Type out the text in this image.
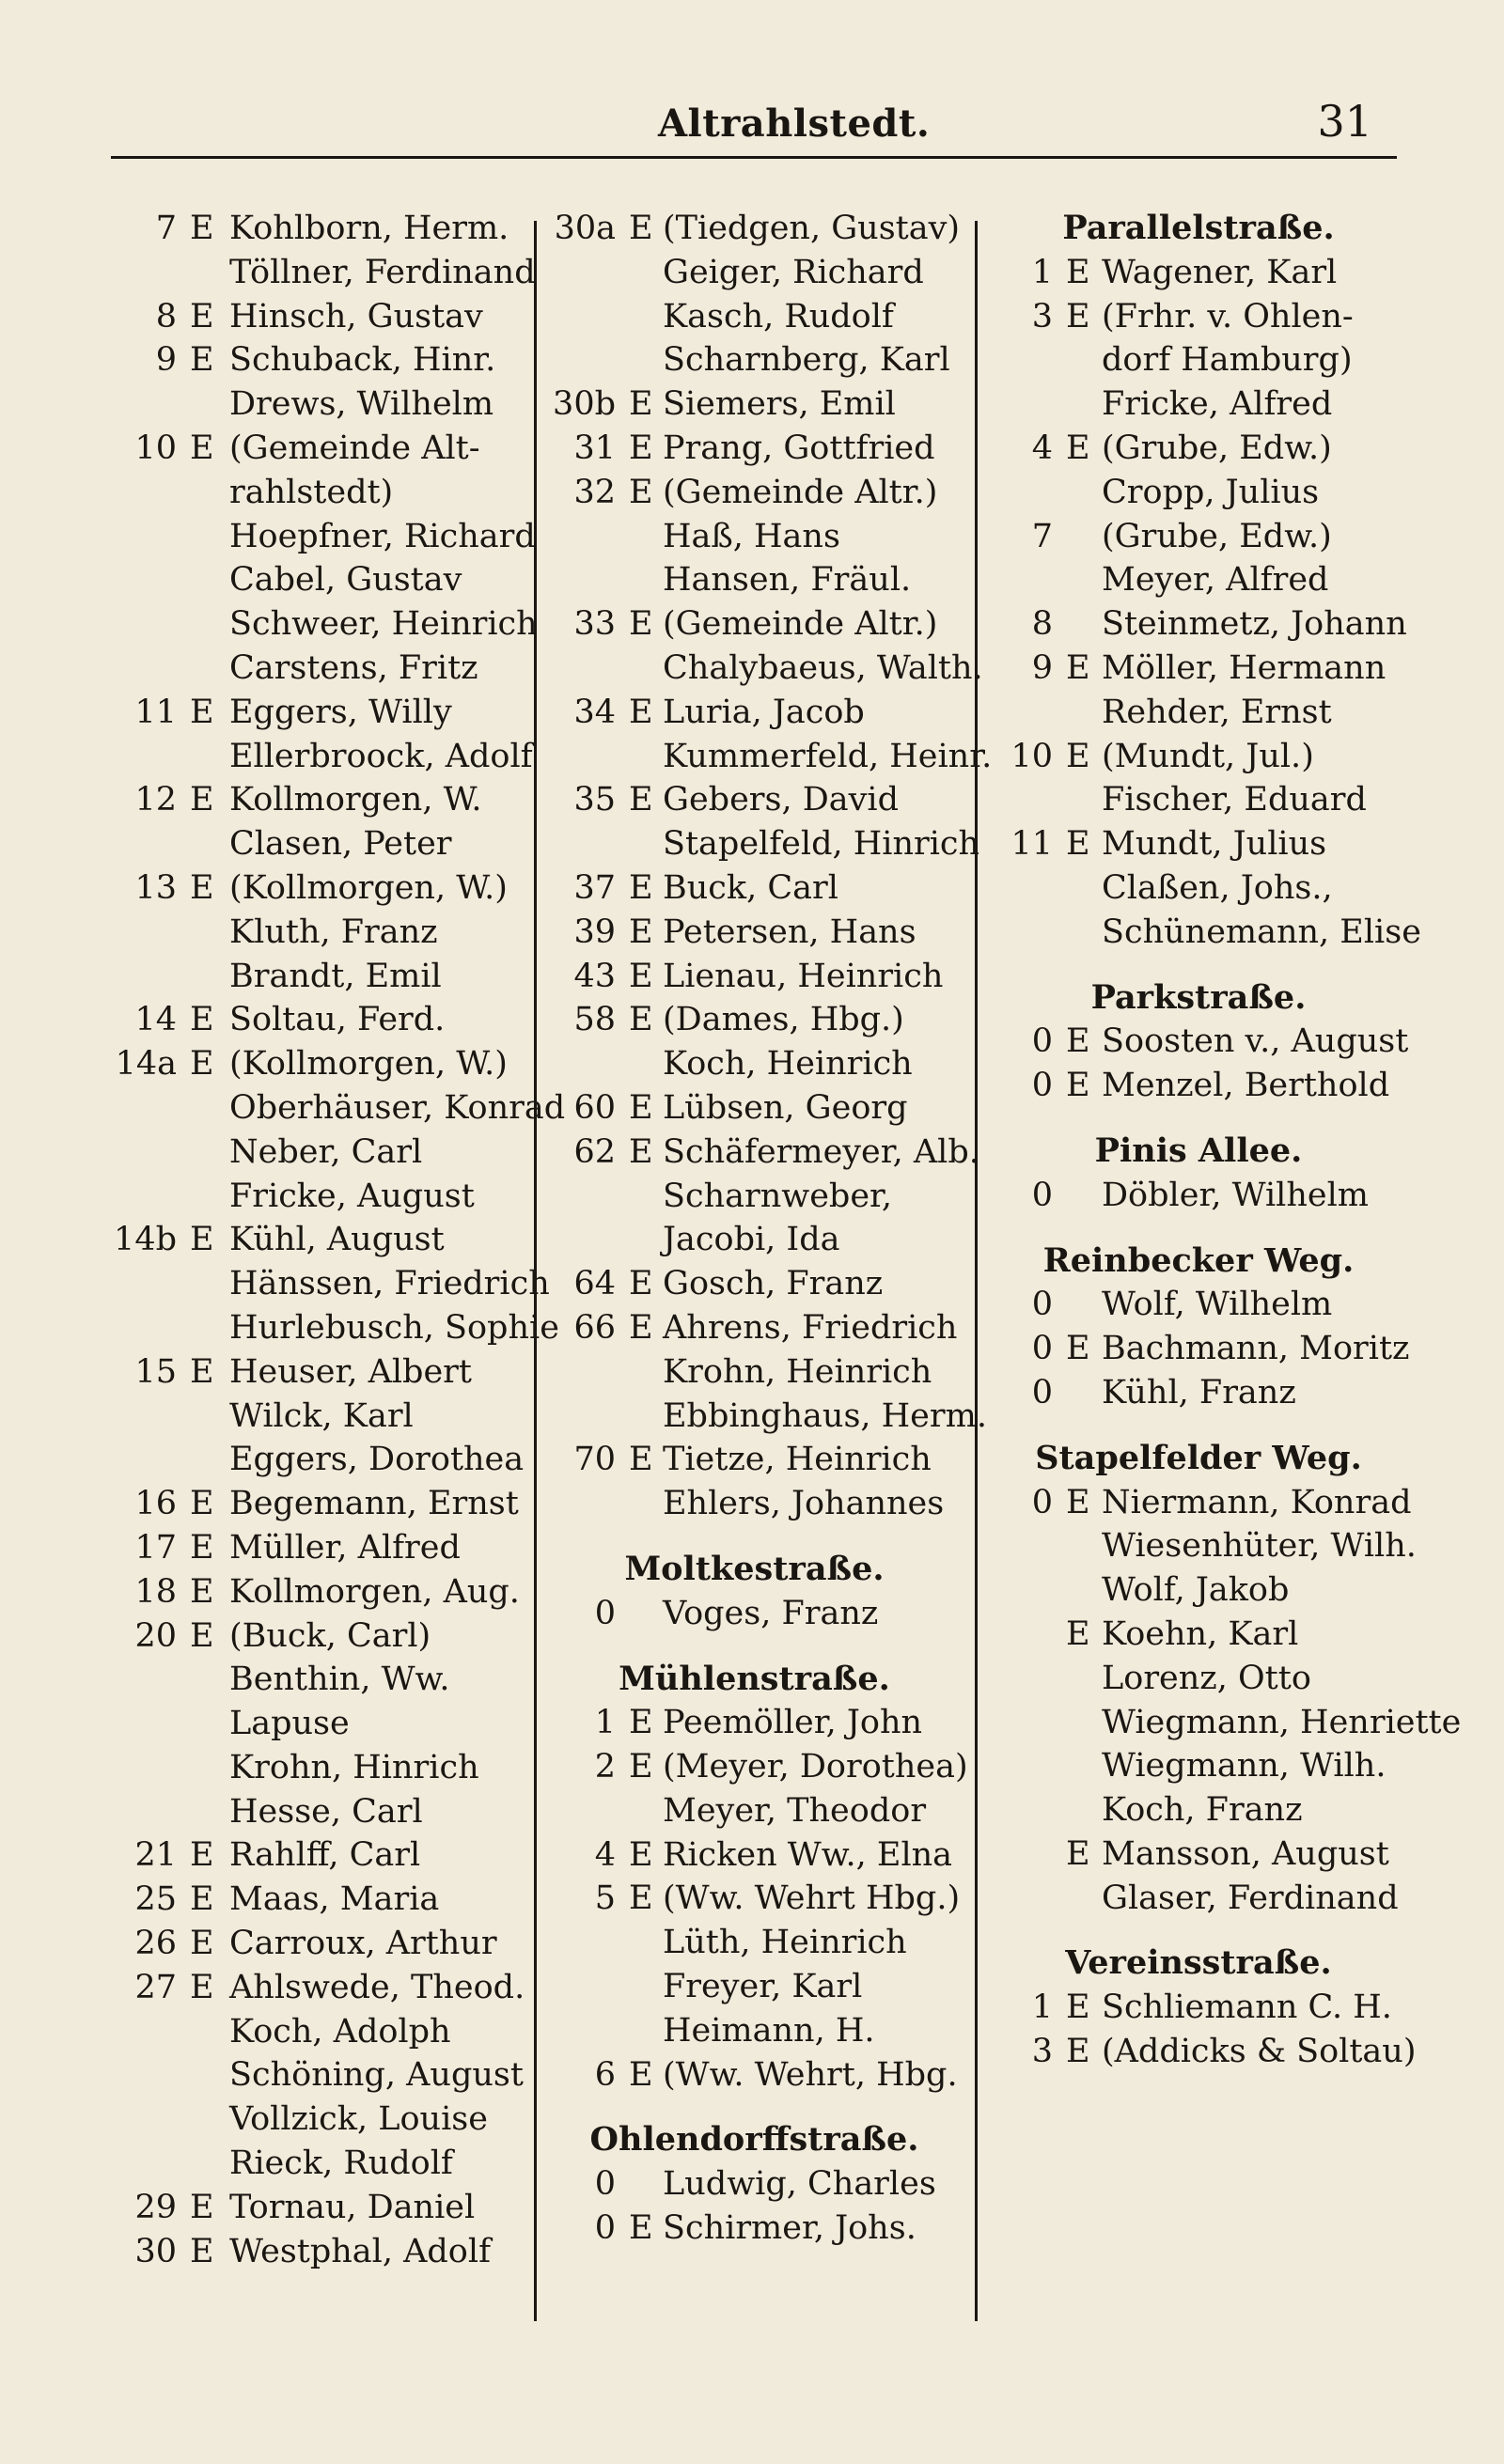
Altrahlstedt.	31
7 E Kohlborn, Herm.
Töllner, Ferdinand
8 E Hinsch, Gustav
9 E Schuback, Hinr.
Drews, Wilhelm
10 E (Gemeinde Alt-
rahlstedt)
Hoepfner, Richard
Cabel, Gustav
Schweer, Heinrich
Carstens, Fritz
11 E Eggers, Willy
Ellerbroock, Adolf
12 E Kollmorgen, W.
Clasen, Peter
13 E (Kollmorgen, W.)
Kluth, Franz
Brandt, Emil
14 E Soltau, Ferd.
14a E (Kollmorgen, W.)
Oberhäuser, Konrad
Neber, Carl
Fricke, August
14b E Kühl, August
Hänssen, Friedrich
Hurlebusch, Sophie
15 E Heuser, Albert
Wilck, Karl
Eggers, Dorothea
16 E Begemann, Ernst
17 E Müller, Alfred
18 E Kollmorgen, Aug.
20 E (Buck, Carl)
Benthin, Ww.
Lapuse
Krohn, Hinrich
Hesse, Carl
21 E Rahlff, Carl
25 E Maas, Maria
26 E Carroux, Arthur
27 E Ahlswede, Theod.
Koch, Adolph
Schöning, August
Vollzick, Louise
Rieck, Rudolf
29 E Tornau, Daniel
30 E Westphal, Adolf
30a E (Tiedgen, Gustav)
Geiger, Richard
Kasch, Rudolf
Scharnberg, Karl
30b E Siemers, Emil
31 E Prang, Gottfried
32 E (Gemeinde Altr.)
Haß, Hans
Hansen, Fräul.
33 E (Gemeinde Altr.)
Chalybaeus, Walth.
34 E Luria, Jacob
Kummerfeld, Heinr.
35 E Gebers, David
Stapelfeld, Hinrich
37 E Buck, Carl
39 E Petersen, Hans
43 E Lienau, Heinrich
58 E (Dames, Hbg.)
Koch, Heinrich
60 E Lübsen, Georg
62 E Schäfermeyer, Alb.
Scharnweber,
Jacobi, Ida
64 E Gosch, Franz
66 E Ahrens, Friedrich
Krohn, Heinrich
Ebbinghaus, Herm.
70 E Tietze, Heinrich
Ehlers, Johannes
Moltkestraße.
0 Voges, Franz
Mühlenstraße.
1 E Peemöller, John
2 E (Meyer, Dorothea)
Meyer, Theodor
4 E Ricken Ww., Elna
5 E (Ww. Wehrt Hbg.)
Lüth, Heinrich
Freyer, Karl
Heimann, H.
6 E (Ww. Wehrt, Hbg.
Ohlendorffstraße.
0 Ludwig, Charles
0 E Schirmer, Johs.
Parallelstraße.
1 E Wagener, Karl
3 E (Frhr. v. Ohlen-
dorf Hamburg)
Fricke, Alfred
4 E (Grube, Edw.)
Cropp, Julius
7 (Grube, Edw.)
Meyer, Alfred
8 Steinmetz, Johann
9 E Möller, Hermann
Rehder, Ernst
10 E (Mundt, Jul.)
Fischer, Eduard
11 E Mundt, Julius
Claßen, Johs.,
Schünemann, Elise
Parkstraße.
0 E Soosten v., August
0 E Menzel, Berthold
Pinis Allee.
0 Döbler, Wilhelm
Reinbecker Weg.
0 Wolf, Wilhelm
0 E Bachmann, Moritz
0 Kühl, Franz
Stapelfelder Weg.
0 E Niermann, Konrad
Wiesenhüter, Wilh.
Wolf, Jakob
E Koehn, Karl
Lorenz, Otto
Wiegmann, Henriette
Wiegmann, Wilh.
Koch, Franz
E Mansson, August
Glaser, Ferdinand
Vereinsstraße.
1 E Schliemann C. H.
3 E (Addicks & Soltau)
